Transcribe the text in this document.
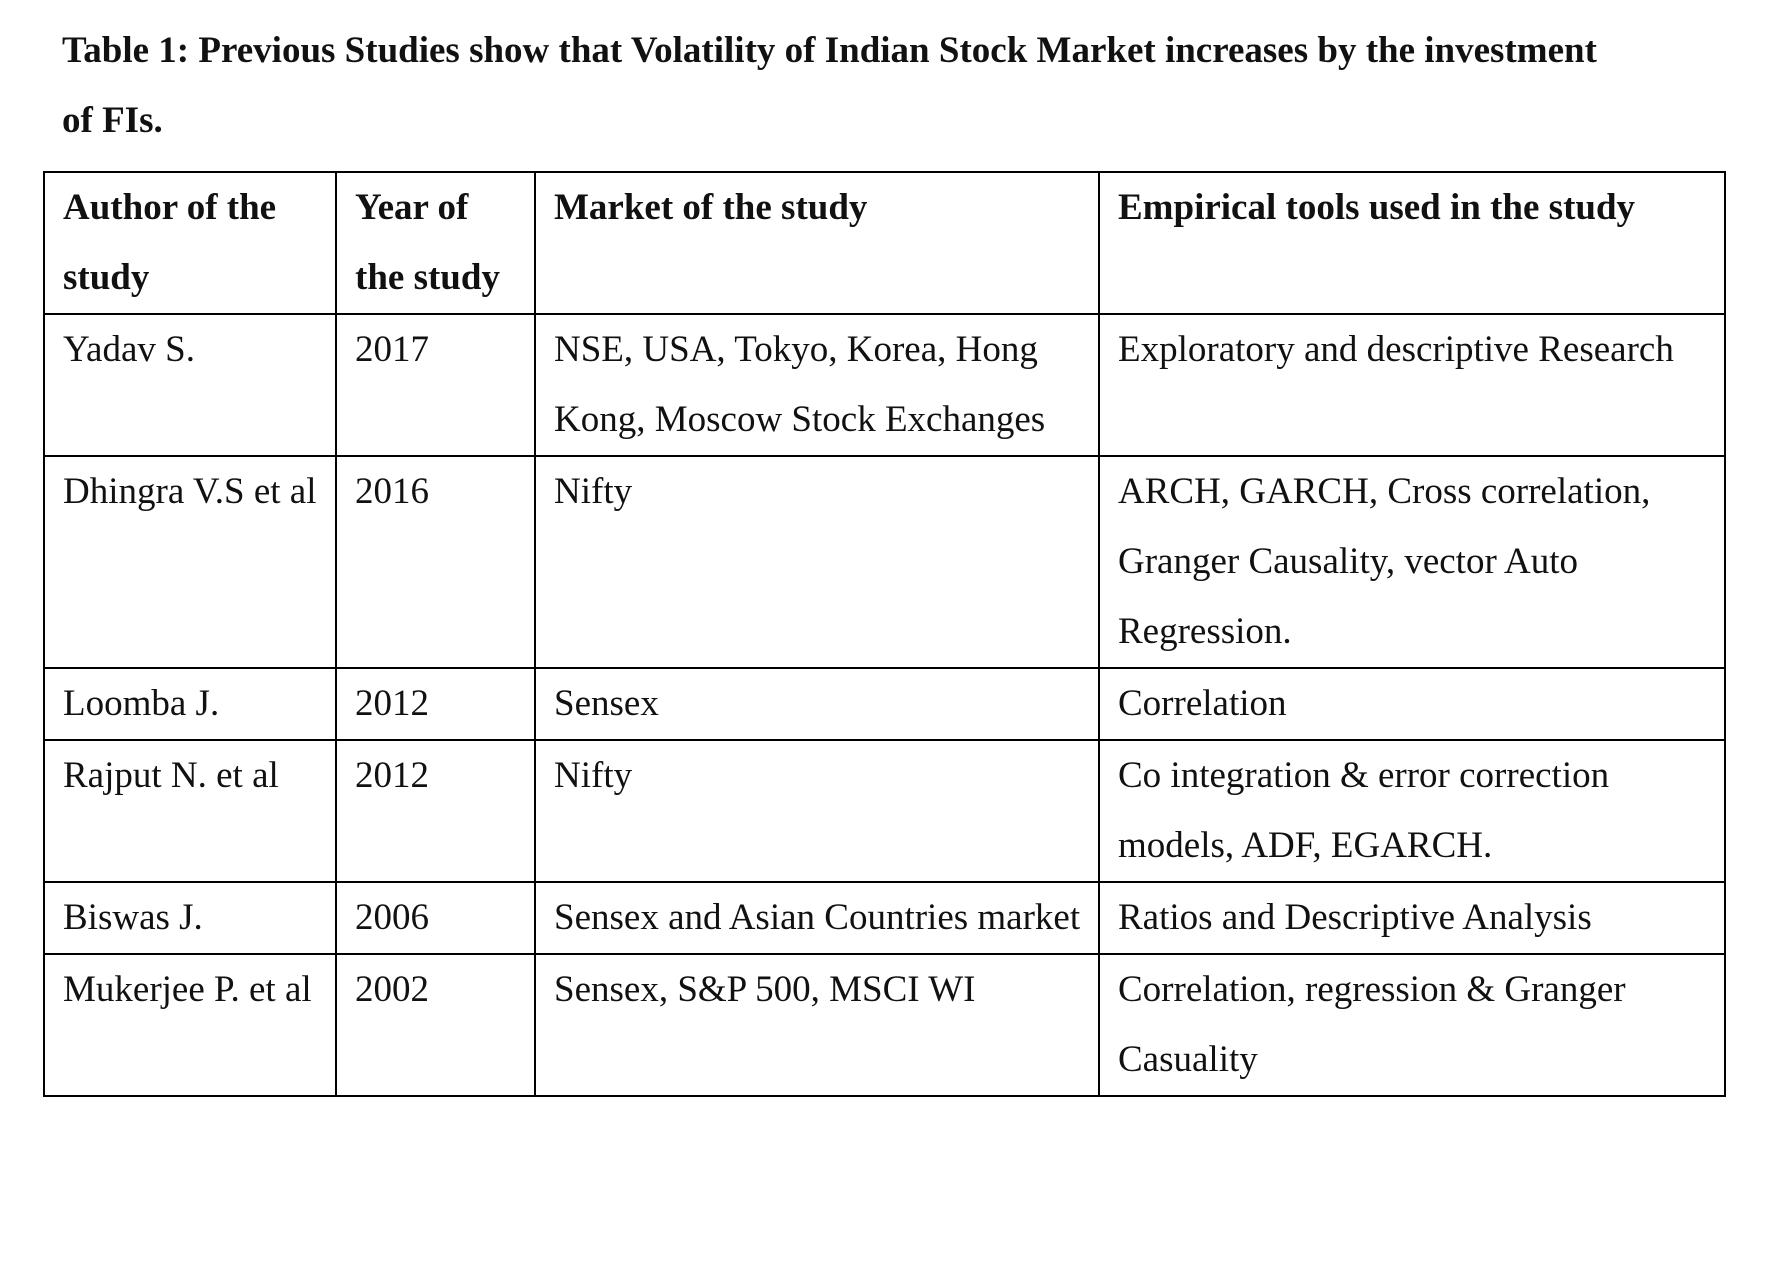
Table 1: Previous Studies show that Volatility of Indian Stock Market increases by the investment of FIs.

Author of the study	Year of the study	Market of the study	Empirical tools used in the study
Yadav S.	2017	NSE, USA, Tokyo, Korea, Hong Kong, Moscow Stock Exchanges	Exploratory and descriptive Research
Dhingra V.S et al	2016	Nifty	ARCH, GARCH, Cross correlation, Granger Causality, vector Auto Regression.
Loomba J.	2012	Sensex	Correlation
Rajput N. et al	2012	Nifty	Co integration & error correction models, ADF, EGARCH.
Biswas J.	2006	Sensex and Asian Countries market	Ratios and Descriptive Analysis
Mukerjee P. et al	2002	Sensex, S&P 500, MSCI WI	Correlation, regression & Granger Casuality
